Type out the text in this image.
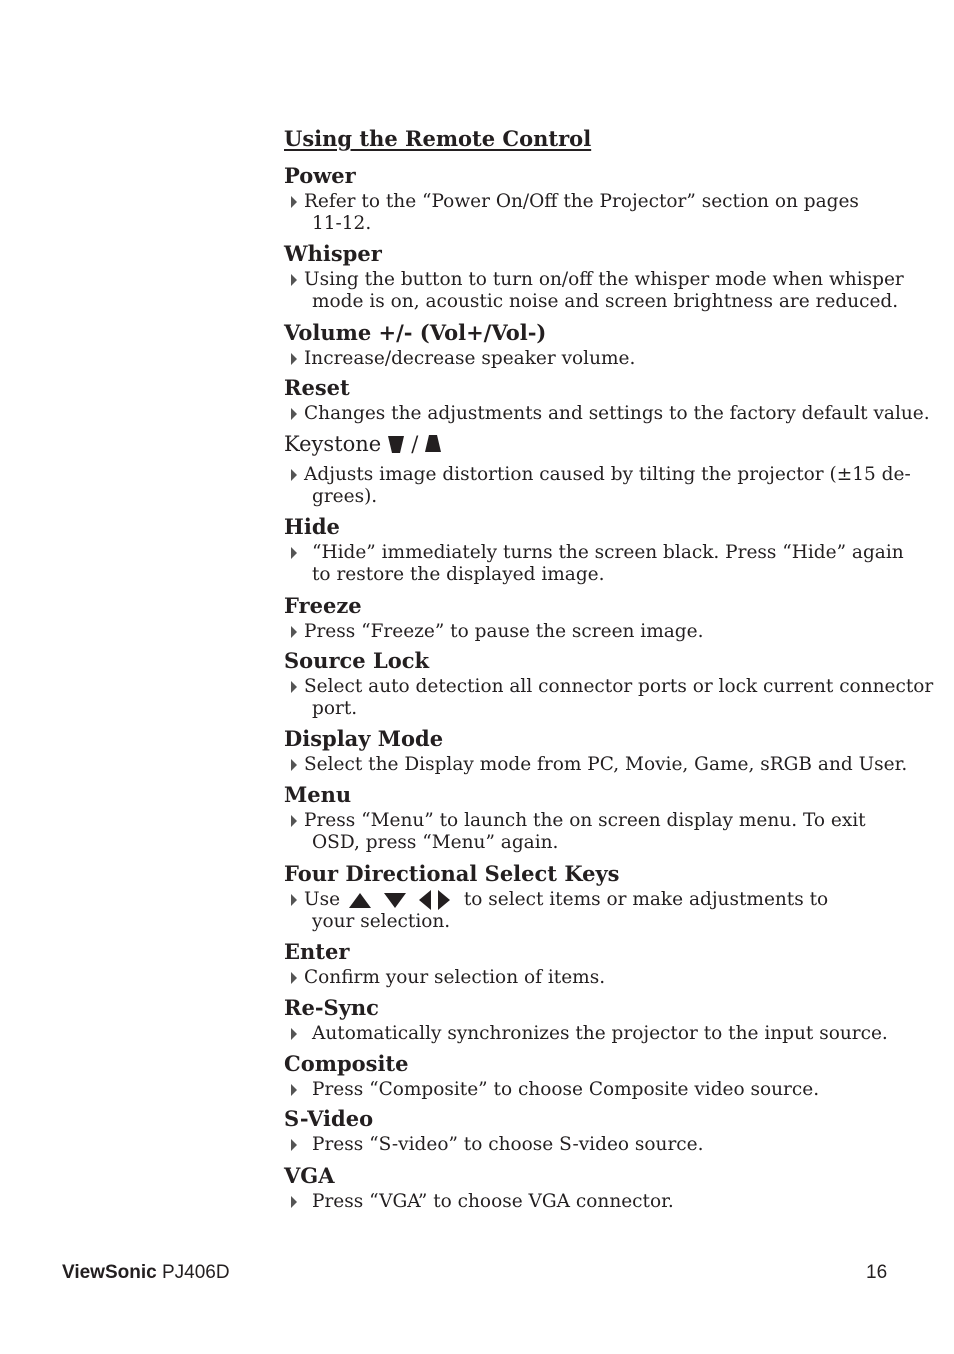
Using the Remote Control
Power
Refer to the “Power On/Off the Projector” section on pages
11-12.
Whisper
Using the button to turn on/off the whisper mode when whisper
mode is on, acoustic noise and screen brightness are reduced.
Volume +/- (Vol+/Vol-)
Increase/decrease speaker volume.
Reset
Changes the adjustments and settings to the factory default value.
Keystone /
Adjusts image distortion caused by tilting the projector (±15 de-
grees).
Hide
“Hide” immediately turns the screen black. Press “Hide” again
to restore the displayed image.
Freeze
Press “Freeze” to pause the screen image.
Source Lock
Select auto detection all connector ports or lock current connector
port.
Display Mode
Select the Display mode from PC, Movie, Game, sRGB and User.
Menu
Press “Menu” to launch the on screen display menu. To exit
OSD, press “Menu” again.
Four Directional Select Keys
Use	to select items or make adjustments to
your selection.
Enter
Confirm your selection of items.
Re-Sync
Automatically synchronizes the projector to the input source.
Composite
Press “Composite” to choose Composite video source.
S-Video
Press “S-video” to choose S-video source.
VGA
Press “VGA” to choose VGA connector.
ViewSonic PJ406D	16
